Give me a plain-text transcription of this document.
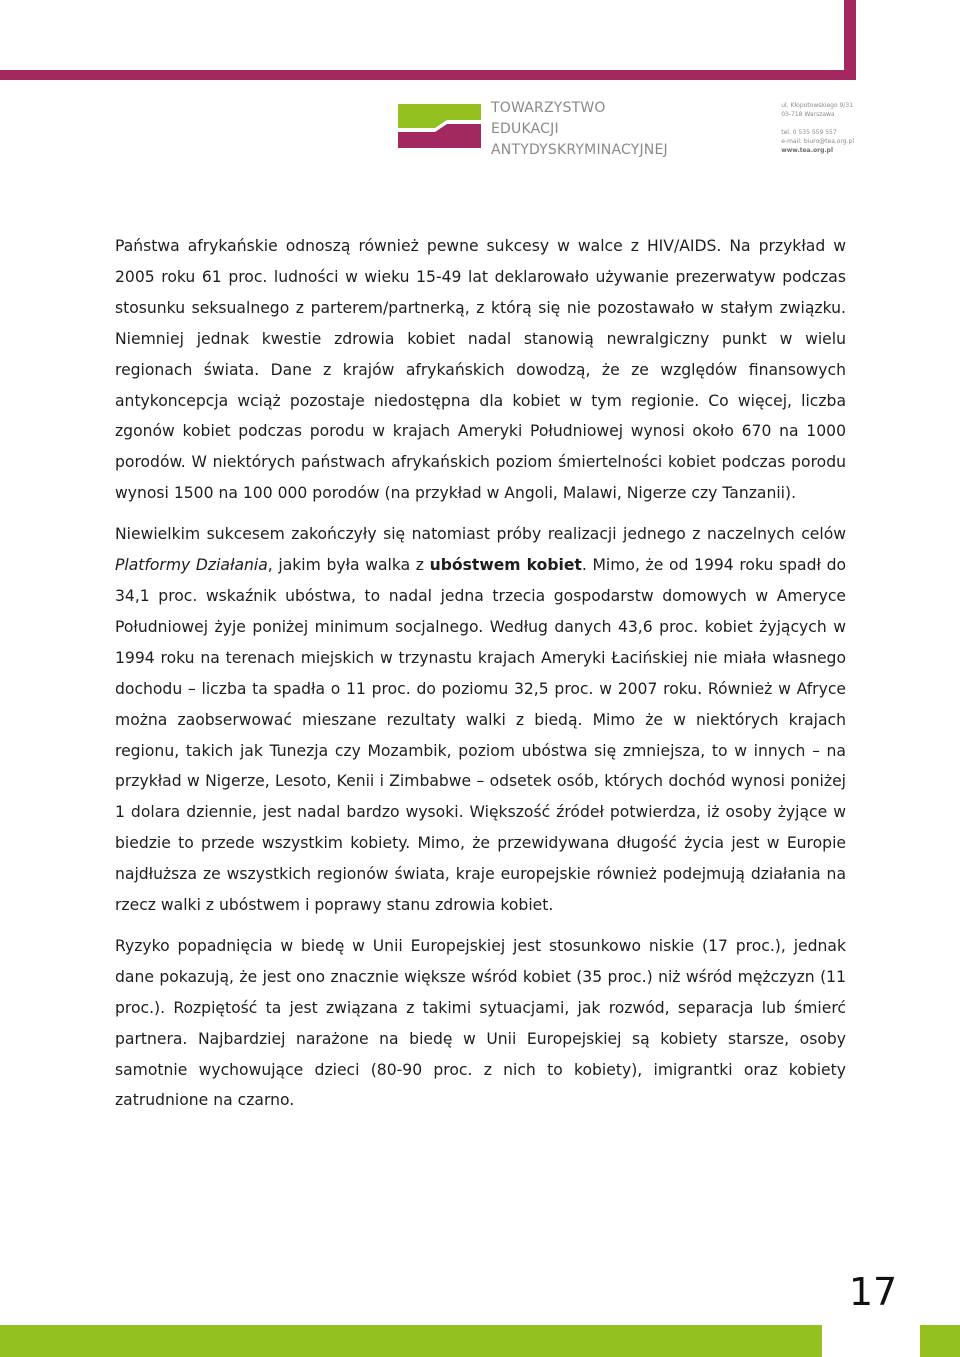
TOWARZYSTWO
EDUKACJI
ANTYDYSKRYMINACYJNEJ
ul. Kłopotowskiego 9/31
03-718 Warszawa
tel. 0 535 559 557
e-mail: biuro@tea.org.pl
www.tea.org.pl

Państwa afrykańskie odnoszą również pewne sukcesy w walce z HIV/AIDS. Na przykład w 2005 roku 61 proc. ludności w wieku 15-49 lat deklarowało używanie prezerwatyw podczas stosunku seksualnego z parterem/partnerką, z którą się nie pozostawało w stałym związku. Niemniej jednak kwestie zdrowia kobiet nadal stanowią newralgiczny punkt w wielu regionach świata. Dane z krajów afrykańskich dowodzą, że ze względów finansowych antykoncepcja wciąż pozostaje niedostępna dla kobiet w tym regionie. Co więcej, liczba zgonów kobiet podczas porodu w krajach Ameryki Południowej wynosi około 670 na 1000 porodów. W niektórych państwach afrykańskich poziom śmiertelności kobiet podczas porodu wynosi 1500 na 100 000 porodów (na przykład w Angoli, Malawi, Nigerze czy Tanzanii).

Niewielkim sukcesem zakończyły się natomiast próby realizacji jednego z naczelnych celów Platformy Działania, jakim była walka z ubóstwem kobiet. Mimo, że od 1994 roku spadł do 34,1 proc. wskaźnik ubóstwa, to nadal jedna trzecia gospodarstw domowych w Ameryce Południowej żyje poniżej minimum socjalnego. Według danych 43,6 proc. kobiet żyjących w 1994 roku na terenach miejskich w trzynastu krajach Ameryki Łacińskiej nie miała własnego dochodu – liczba ta spadła o 11 proc. do poziomu 32,5 proc. w 2007 roku. Również w Afryce można zaobserwować mieszane rezultaty walki z biedą. Mimo że w niektórych krajach regionu, takich jak Tunezja czy Mozambik, poziom ubóstwa się zmniejsza, to w innych – na przykład w Nigerze, Lesoto, Kenii i Zimbabwe – odsetek osób, których dochód wynosi poniżej 1 dolara dziennie, jest nadal bardzo wysoki. Większość źródeł potwierdza, iż osoby żyjące w biedzie to przede wszystkim kobiety. Mimo, że przewidywana długość życia jest w Europie najdłuższa ze wszystkich regionów świata, kraje europejskie również podejmują działania na rzecz walki z ubóstwem i poprawy stanu zdrowia kobiet.

Ryzyko popadnięcia w biedę w Unii Europejskiej jest stosunkowo niskie (17 proc.), jednak dane pokazują, że jest ono znacznie większe wśród kobiet (35 proc.) niż wśród mężczyzn (11 proc.). Rozpiętość ta jest związana z takimi sytuacjami, jak rozwód, separacja lub śmierć partnera. Najbardziej narażone na biedę w Unii Europejskiej są kobiety starsze, osoby samotnie wychowujące dzieci (80-90 proc. z nich to kobiety), imigrantki oraz kobiety zatrudnione na czarno.

17
